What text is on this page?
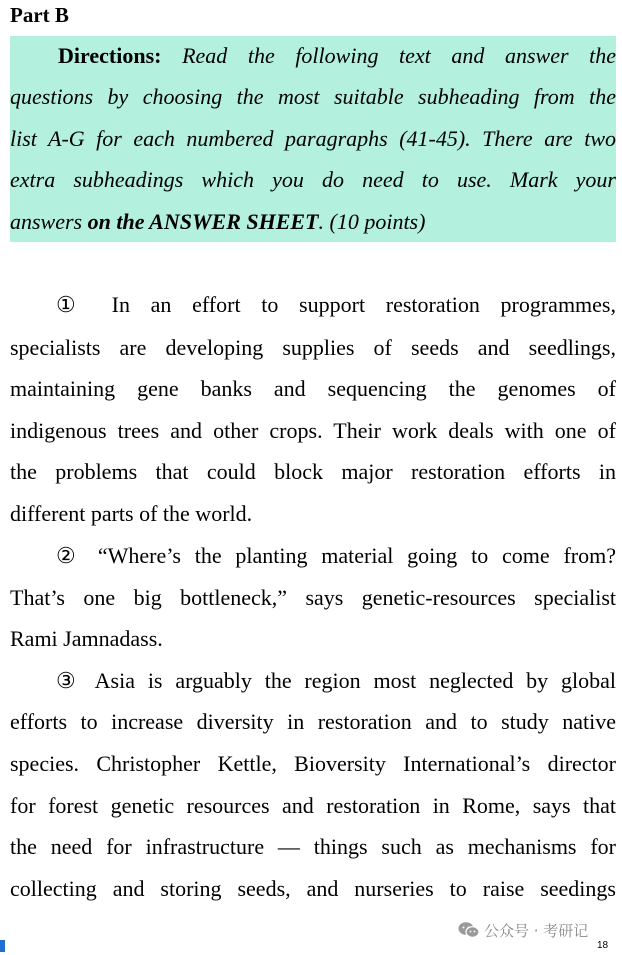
Part B
Directions: Read the following text and answer the
questions by choosing the most suitable subheading from the
list A-G for each numbered paragraphs (41-45). There are two
extra subheadings which you do need to use. Mark your
answers on the ANSWER SHEET. (10 points)
① In an effort to support restoration programmes,
specialists are developing supplies of seeds and seedlings,
maintaining gene banks and sequencing the genomes of
indigenous trees and other crops. Their work deals with one of
the problems that could block major restoration efforts in
different parts of the world.
② “Where’s the planting material going to come from?
That’s one big bottleneck,” says genetic-resources specialist
Rami Jamnadass.
③ Asia is arguably the region most neglected by global
efforts to increase diversity in restoration and to study native
species. Christopher Kettle, Bioversity International’s director
for forest genetic resources and restoration in Rome, says that
the need for infrastructure — things such as mechanisms for
collecting and storing seeds, and nurseries to raise seedings
公众号 · 考研记
18
